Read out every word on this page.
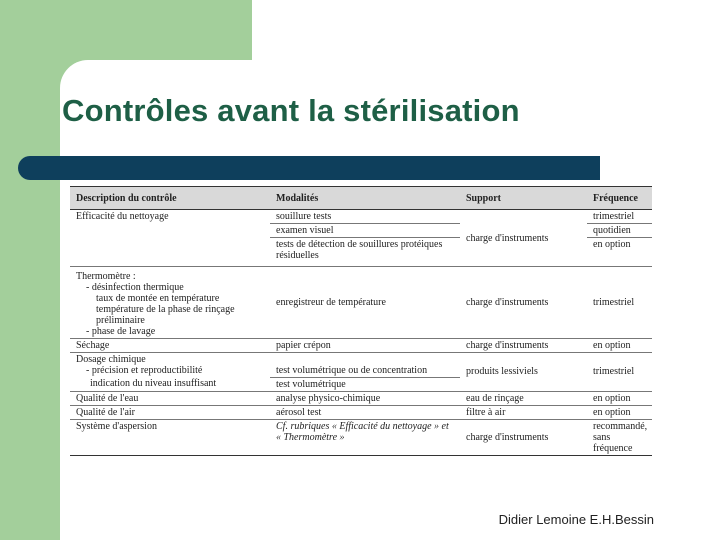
Contrôles avant la stérilisation
Description du contrôle	Modalités	Support	Fréquence
Efficacité du nettoyage	souillure tests	charge d'instruments	trimestriel
	examen visuel		quotidien
	tests de détection de souillures protéiques résiduelles		en option

Thermomètre :
- désinfection thermique
taux de montée en température
température de la phase de rinçage préliminaire
- phase de lavage	enregistreur de température	charge d'instruments	trimestriel
Séchage	papier crépon	charge d'instruments	en option

Dosage chimique
- précision et reproductibilité	test volumétrique ou de concentration	produits lessiviels	trimestriel
indication du niveau insuffisant	test volumétrique		
Qualité de l'eau	analyse physico-chimique	eau de rinçage	en option
Qualité de l'air	aérosol test	filtre à air	en option
Système d'aspersion	Cf. rubriques « Efficacité du nettoyage » et « Thermomètre »	charge d'instruments	recommandé, sans fréquence
Didier Lemoine E.H.Bessin
